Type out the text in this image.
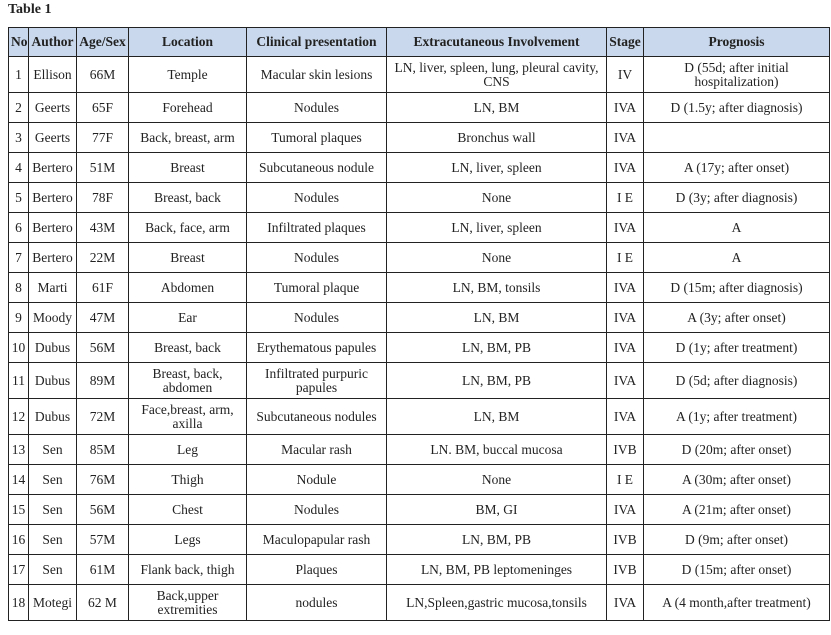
Table 1
No	Author	Age/Sex	Location	Clinical presentation	Extracutaneous Involvement	Stage	Prognosis
1	Ellison	66M	Temple	Macular skin lesions	LN, liver, spleen, lung, pleural cavity, CNS	IV	D (55d; after initial hospitalization)
2	Geerts	65F	Forehead	Nodules	LN, BM	IVA	D (1.5y; after diagnosis)
3	Geerts	77F	Back, breast, arm	Tumoral plaques	Bronchus wall	IVA	
4	Bertero	51M	Breast	Subcutaneous nodule	LN, liver, spleen	IVA	A (17y; after onset)
5	Bertero	78F	Breast, back	Nodules	None	I E	D (3y; after diagnosis)
6	Bertero	43M	Back, face, arm	Infiltrated plaques	LN, liver, spleen	IVA	A
7	Bertero	22M	Breast	Nodules	None	I E	A
8	Marti	61F	Abdomen	Tumoral plaque	LN, BM, tonsils	IVA	D (15m; after diagnosis)
9	Moody	47M	Ear	Nodules	LN, BM	IVA	A (3y; after onset)
10	Dubus	56M	Breast, back	Erythematous papules	LN, BM, PB	IVA	D (1y; after treatment)
11	Dubus	89M	Breast, back, abdomen	Infiltrated purpuric papules	LN, BM, PB	IVA	D (5d; after diagnosis)
12	Dubus	72M	Face,breast, arm, axilla	Subcutaneous nodules	LN, BM	IVA	A (1y; after treatment)
13	Sen	85M	Leg	Macular rash	LN. BM, buccal mucosa	IVB	D (20m; after onset)
14	Sen	76M	Thigh	Nodule	None	I E	A (30m; after onset)
15	Sen	56M	Chest	Nodules	BM, GI	IVA	A (21m; after onset)
16	Sen	57M	Legs	Maculopapular rash	LN, BM, PB	IVB	D (9m; after onset)
17	Sen	61M	Flank back, thigh	Plaques	LN, BM, PB leptomeninges	IVB	D (15m; after onset)
18	Motegi	62 M	Back,upper extremities	nodules	LN,Spleen,gastric mucosa,tonsils	IVA	A (4 month,after treatment)
